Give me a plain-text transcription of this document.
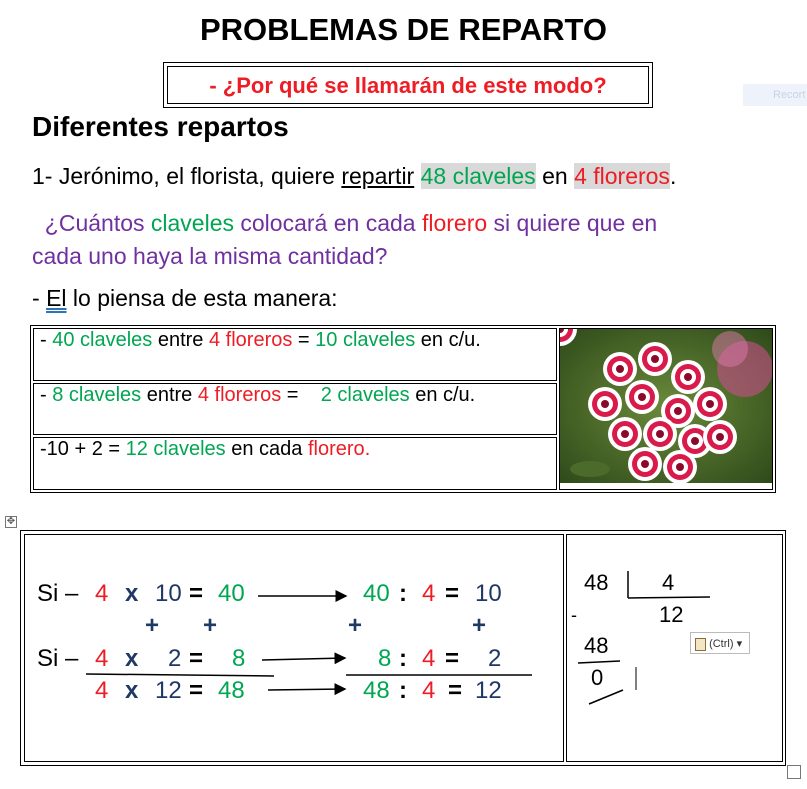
PROBLEMAS DE REPARTO
- ¿Por qué se llamarán de este modo?	Recort
Diferentes repartos
1- Jerónimo, el florista, quiere repartir 48 claveles en 4 floreros.
¿Cuántos claveles colocará en cada florero si quiere que en
cada uno haya la misma cantidad?
- El lo piensa de esta manera:
- 40 claveles entre 4 floreros = 10 claveles en c/u.	
- 8 claveles entre 4 floreros =    2 claveles en c/u.
-10 + 2 = 12 claveles en cada florero.
✥
Si – 4 x 10 = 40	40 : 4 = 10
+ +	+	+
Si – 4 x 2 = 8	8 : 4 = 2
4 x 12 = 48	48 : 4 = 12
48 4
12
-
48
0
(Ctrl) ▾
